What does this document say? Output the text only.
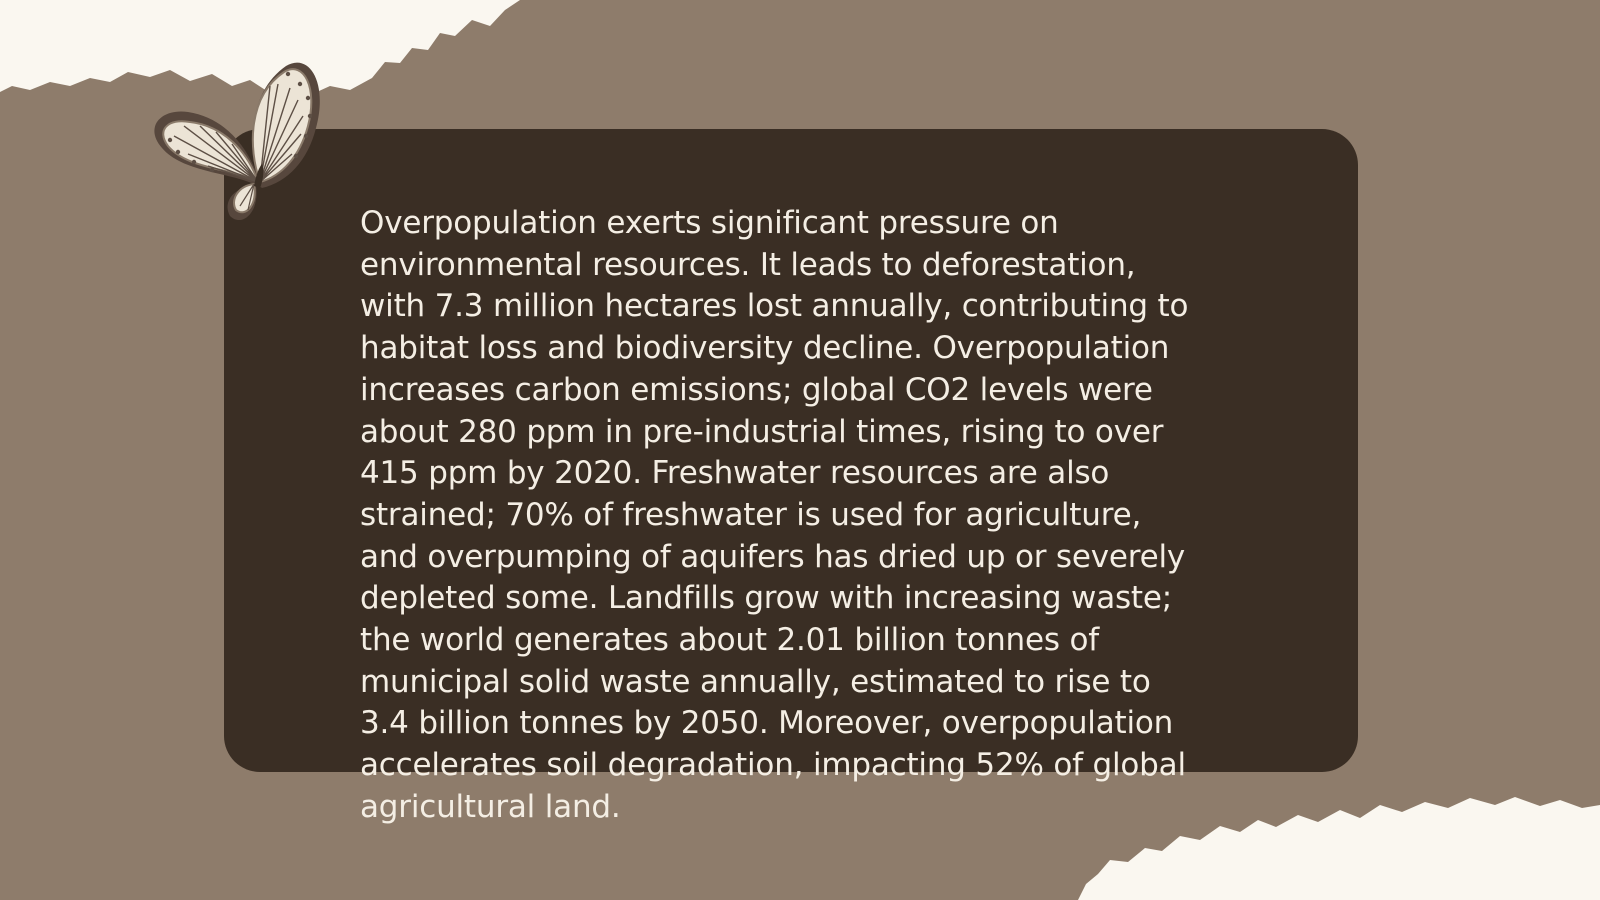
Overpopulation exerts significant pressure on
environmental resources. It leads to deforestation,
with 7.3 million hectares lost annually, contributing to
habitat loss and biodiversity decline. Overpopulation
increases carbon emissions; global CO2 levels were
about 280 ppm in pre-industrial times, rising to over
415 ppm by 2020. Freshwater resources are also
strained; 70% of freshwater is used for agriculture,
and overpumping of aquifers has dried up or severely
depleted some. Landfills grow with increasing waste;
the world generates about 2.01 billion tonnes of
municipal solid waste annually, estimated to rise to
3.4 billion tonnes by 2050. Moreover, overpopulation
accelerates soil degradation, impacting 52% of global
agricultural land.
